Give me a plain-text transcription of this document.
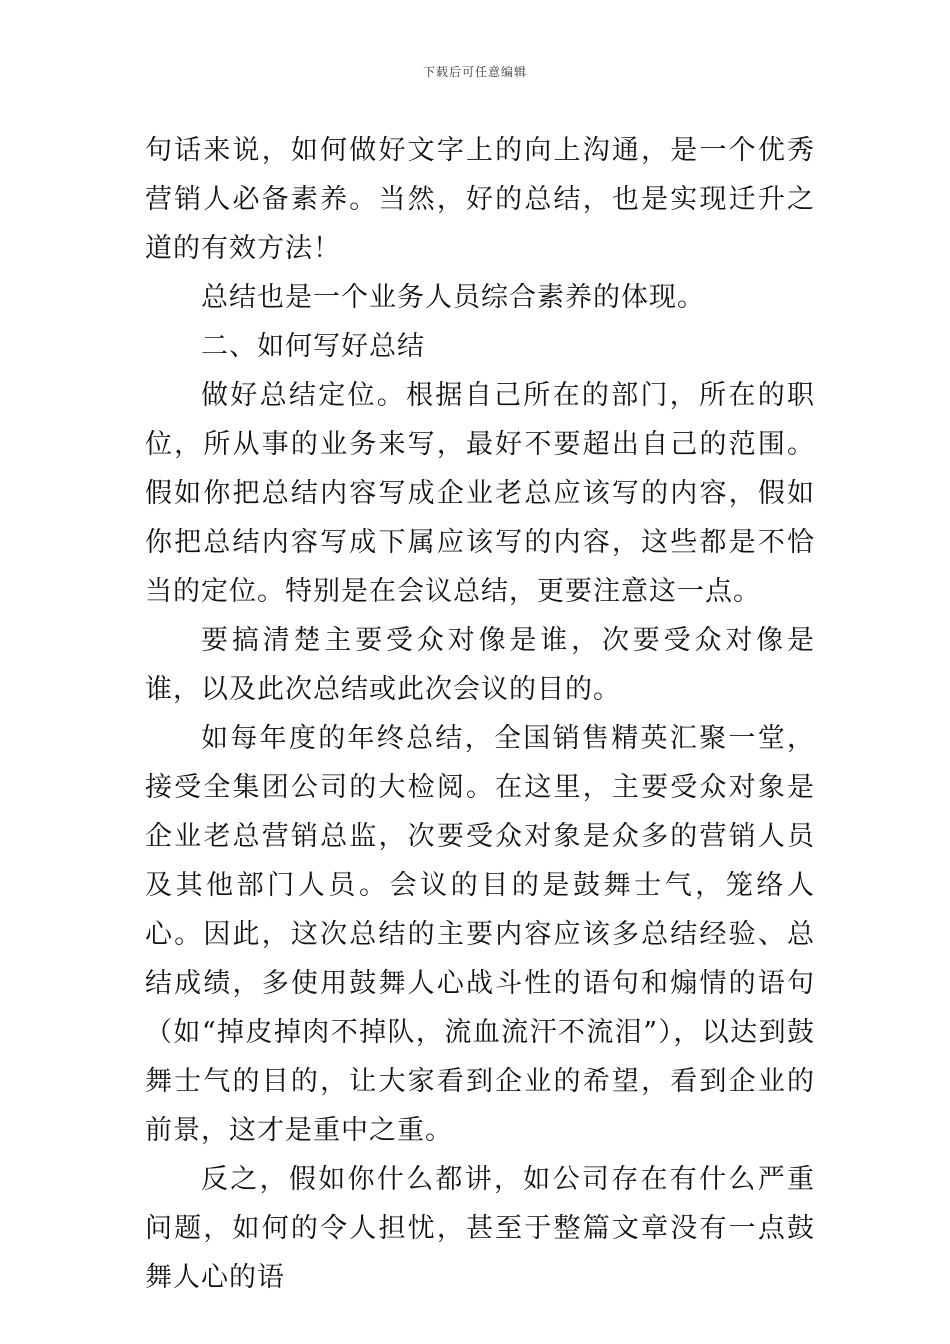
下载后可任意编辑

句话来说，如何做好文字上的向上沟通，是一个优秀营销人必备素养。当然，好的总结，也是实现迁升之道的有效方法！

总结也是一个业务人员综合素养的体现。

二、如何写好总结

做好总结定位。根据自己所在的部门，所在的职位，所从事的业务来写，最好不要超出自己的范围。假如你把总结内容写成企业老总应该写的内容，假如你把总结内容写成下属应该写的内容，这些都是不恰当的定位。特别是在会议总结，更要注意这一点。

要搞清楚主要受众对像是谁，次要受众对像是谁，以及此次总结或此次会议的目的。

如每年度的年终总结，全国销售精英汇聚一堂，接受全集团公司的大检阅。在这里，主要受众对象是企业老总营销总监，次要受众对象是众多的营销人员及其他部门人员。会议的目的是鼓舞士气，笼络人心。因此，这次总结的主要内容应该多总结经验、总结成绩，多使用鼓舞人心战斗性的语句和煽情的语句（如“掉皮掉肉不掉队，流血流汗不流泪”），以达到鼓舞士气的目的，让大家看到企业的希望，看到企业的前景，这才是重中之重。

反之，假如你什么都讲，如公司存在有什么严重问题，如何的令人担忧，甚至于整篇文章没有一点鼓舞人心的语
